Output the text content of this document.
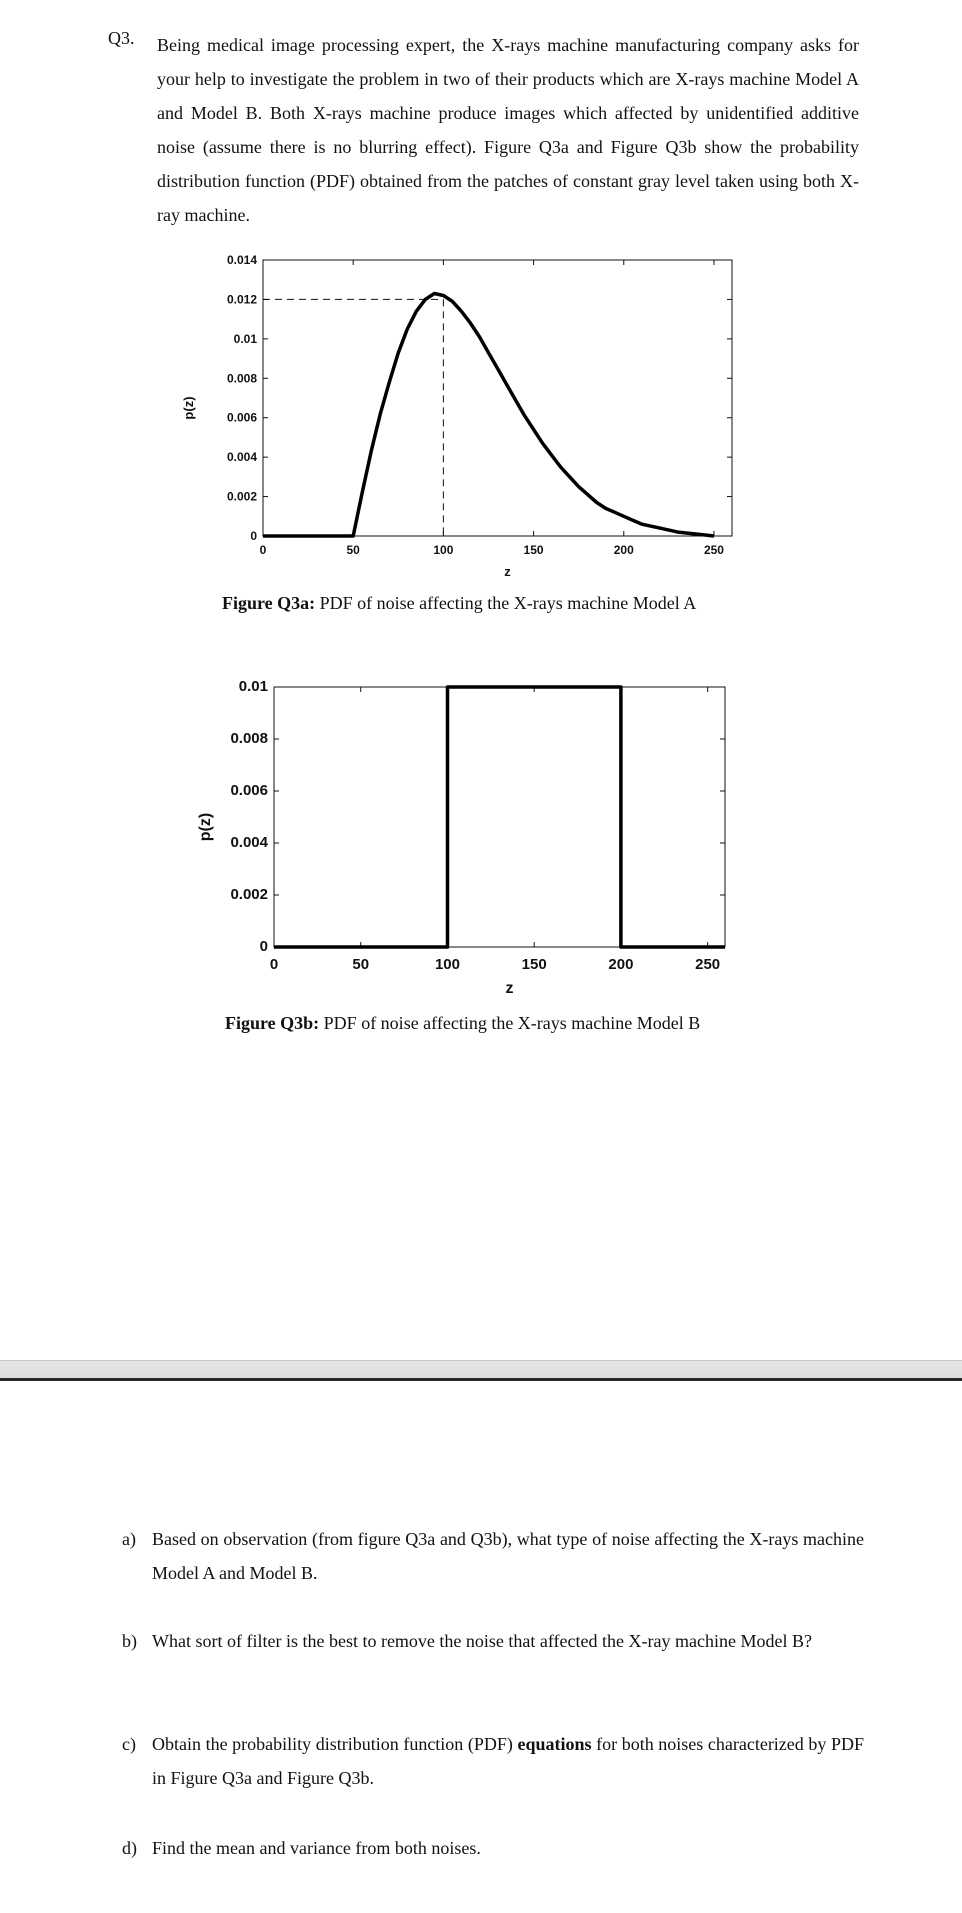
Q3. Being medical image processing expert, the X-rays machine manufacturing company asks for your help to investigate the problem in two of their products which are X-rays machine Model A and Model B. Both X-rays machine produce images which affected by unidentified additive noise (assume there is no blurring effect). Figure Q3a and Figure Q3b show the probability distribution function (PDF) obtained from the patches of constant gray level taken using both X-ray machine.
0	50	100	150	200	250
0
0.002
0.004
0.006
0.008
0.01
0.012
0.014
z
p(z)
Figure Q3a: PDF of noise affecting the X-rays machine Model A
0	50	100	150	200	250
0
0.002
0.004
0.006
0.008
0.01
z
p(z)
Figure Q3b: PDF of noise affecting the X-rays machine Model B
a) Based on observation (from figure Q3a and Q3b), what type of noise affecting the X-rays machine Model A and Model B.
b) What sort of filter is the best to remove the noise that affected the X-ray machine Model B?
c) Obtain the probability distribution function (PDF) equations for both noises characterized by PDF in Figure Q3a and Figure Q3b.
d) Find the mean and variance from both noises.
